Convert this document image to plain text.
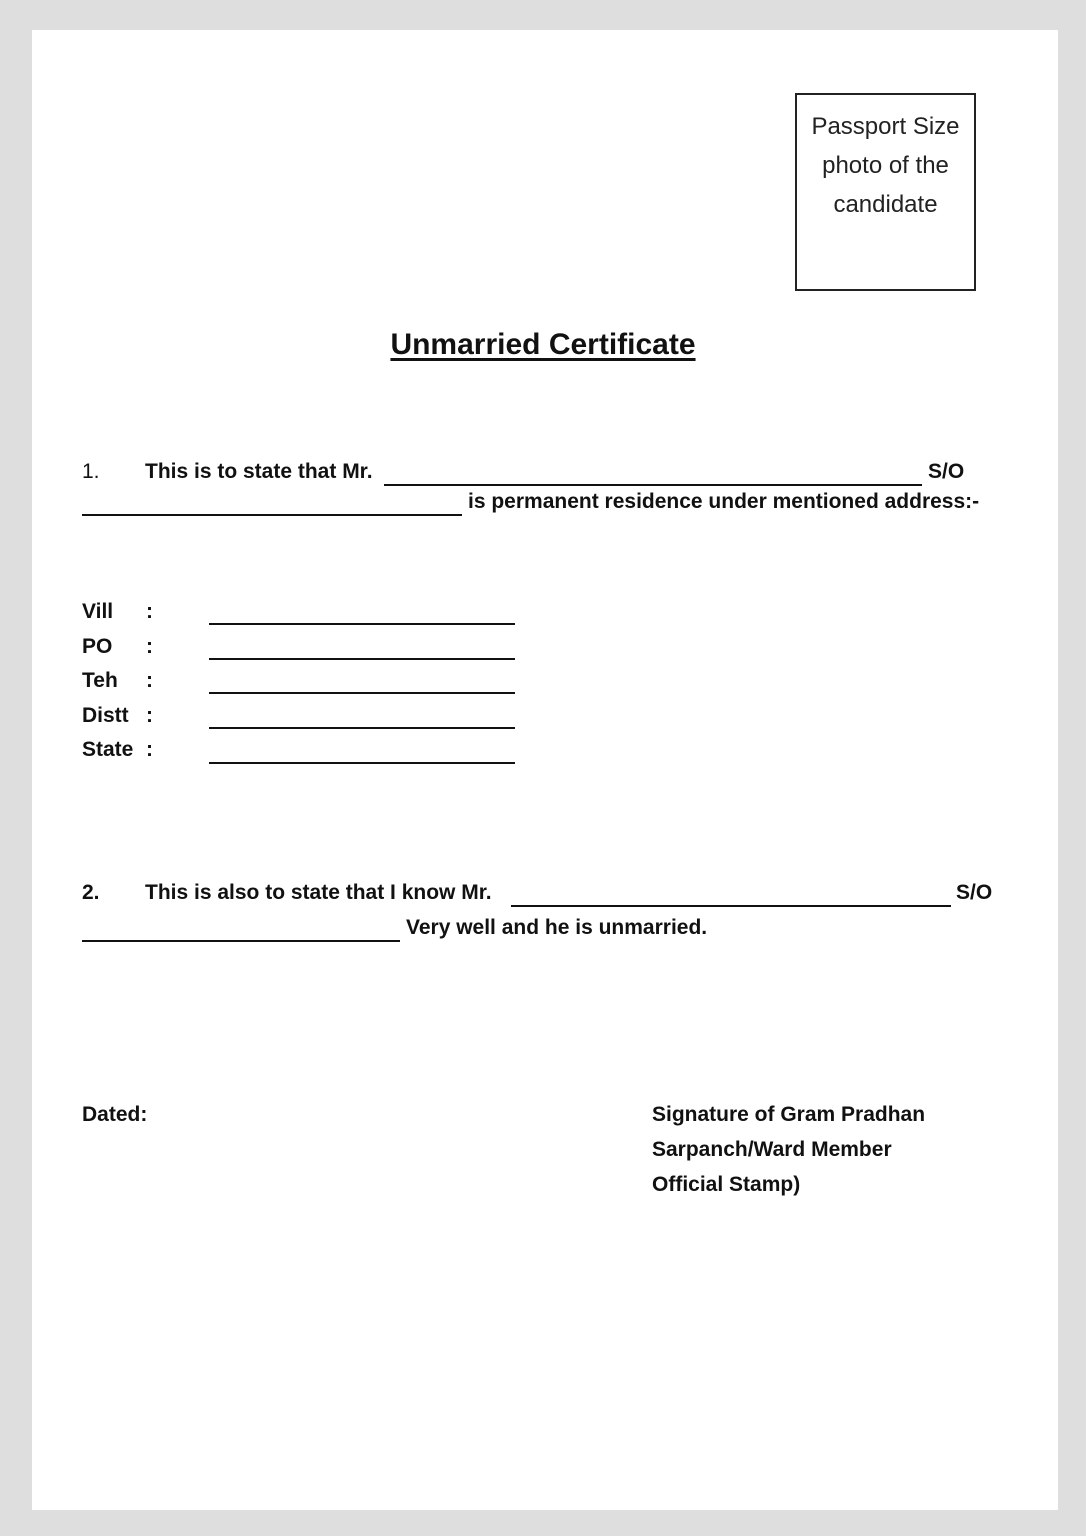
Passport Size
photo of the
candidate
Unmarried Certificate
1. This is to state that Mr.	S/O
is permanent residence under mentioned address:-
Vill :
PO :
Teh :
Distt :
State :
2. This is also to state that I know Mr.	S/O
Very well and he is unmarried.
Dated:	Signature of Gram Pradhan
Sarpanch/Ward Member
Official Stamp)
